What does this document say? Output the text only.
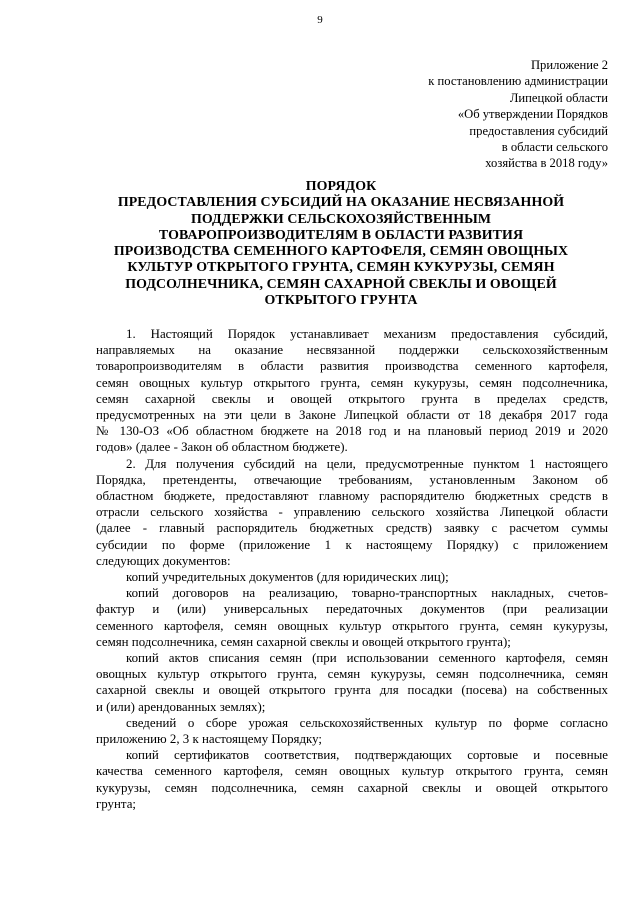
9
Приложение 2
к постановлению администрации
Липецкой области
«Об утверждении Порядков
предоставления субсидий
в области сельского
хозяйства в 2018 году»
ПОРЯДОК
ПРЕДОСТАВЛЕНИЯ СУБСИДИЙ НА ОКАЗАНИЕ НЕСВЯЗАННОЙ
ПОДДЕРЖКИ СЕЛЬСКОХОЗЯЙСТВЕННЫМ
ТОВАРОПРОИЗВОДИТЕЛЯМ В ОБЛАСТИ РАЗВИТИЯ
ПРОИЗВОДСТВА СЕМЕННОГО КАРТОФЕЛЯ, СЕМЯН ОВОЩНЫХ
КУЛЬТУР ОТКРЫТОГО ГРУНТА, СЕМЯН КУКУРУЗЫ, СЕМЯН
ПОДСОЛНЕЧНИКА, СЕМЯН САХАРНОЙ СВЕКЛЫ И ОВОЩЕЙ
ОТКРЫТОГО ГРУНТА
1. Настоящий Порядок устанавливает механизм предоставления субсидий,
направляемых на оказание несвязанной поддержки сельскохозяйственным
товаропроизводителям в области развития производства семенного картофеля,
семян овощных культур открытого грунта, семян кукурузы, семян подсолнечника,
семян сахарной свеклы и овощей открытого грунта в пределах средств,
предусмотренных на эти цели в Законе Липецкой области от 18 декабря 2017 года
№ 130-ОЗ «Об областном бюджете на 2018 год и на плановый период 2019 и 2020
годов» (далее - Закон об областном бюджете).
2. Для получения субсидий на цели, предусмотренные пунктом 1 настоящего
Порядка, претенденты, отвечающие требованиям, установленным Законом об
областном бюджете, предоставляют главному распорядителю бюджетных средств в
отрасли сельского хозяйства - управлению сельского хозяйства Липецкой области
(далее - главный распорядитель бюджетных средств) заявку с расчетом суммы
субсидии по форме (приложение 1 к настоящему Порядку) с приложением
следующих документов:
копий учредительных документов (для юридических лиц);
копий договоров на реализацию, товарно-транспортных накладных, счетов-
фактур и (или) универсальных передаточных документов (при реализации
семенного картофеля, семян овощных культур открытого грунта, семян кукурузы,
семян подсолнечника, семян сахарной свеклы и овощей открытого грунта);
копий актов списания семян (при использовании семенного картофеля, семян
овощных культур открытого грунта, семян кукурузы, семян подсолнечника, семян
сахарной свеклы и овощей открытого грунта для посадки (посева) на собственных
и (или) арендованных землях);
сведений о сборе урожая сельскохозяйственных культур по форме согласно
приложению 2, 3 к настоящему Порядку;
копий сертификатов соответствия, подтверждающих сортовые и посевные
качества семенного картофеля, семян овощных культур открытого грунта, семян
кукурузы, семян подсолнечника, семян сахарной свеклы и овощей открытого
грунта;
